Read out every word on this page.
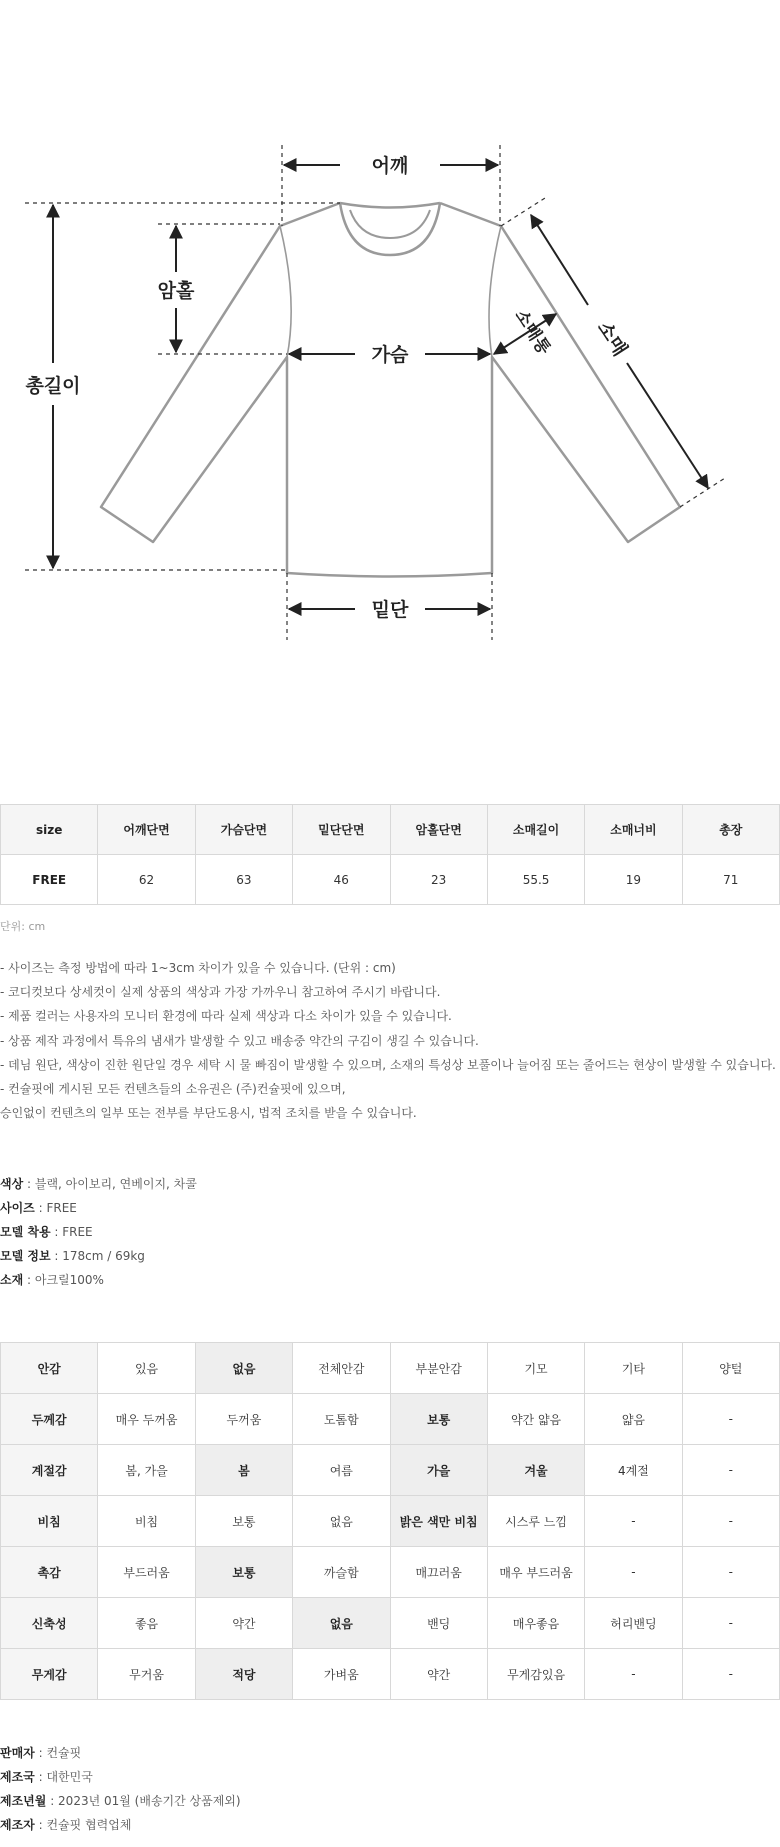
어깨
암홀
가슴
총길이
밑단
소매통 소매
size	어깨단면	가슴단면	밑단단면	암홀단면	소매길이	소매너비	총장
FREE	62	63	46	23	55.5	19	71
단위: cm
- 사이즈는 측정 방법에 따라 1~3cm 차이가 있을 수 있습니다. (단위 : cm)
- 코디컷보다 상세컷이 실제 상품의 색상과 가장 가까우니 참고하여 주시기 바랍니다.
- 제품 컬러는 사용자의 모니터 환경에 따라 실제 색상과 다소 차이가 있을 수 있습니다.
- 상품 제작 과정에서 특유의 냄새가 발생할 수 있고 배송중 약간의 구김이 생길 수 있습니다.
- 데님 원단, 색상이 진한 원단일 경우 세탁 시 물 빠짐이 발생할 수 있으며, 소재의 특성상 보풀이나 늘어짐 또는 줄어드는 현상이 발생할 수 있습니다.
- 컨슐핏에 게시된 모든 컨텐츠들의 소유권은 (주)컨슐핏에 있으며,
승인없이 컨텐츠의 일부 또는 전부를 부단도용시, 법적 조치를 받을 수 있습니다.
색상 : 블랙, 아이보리, 연베이지, 차콜
사이즈 : FREE
모델 착용 : FREE
모델 정보 : 178cm / 69kg
소재 : 아크릴100%
안감	있음	없음	전체안감	부분안감	기모	기타	양털
두께감	매우 두꺼움	두꺼움	도톰함	보통	약간 얇음	얇음	-
계절감	봄, 가을	봄	여름	가을	겨울	4계절	-
비침	비침	보통	없음	밝은 색만 비침	시스루 느낌	-	-
촉감	부드러움	보통	까슬함	매끄러움	매우 부드러움	-	-
신축성	좋음	약간	없음	밴딩	매우좋음	허리밴딩	-
무게감	무거움	적당	가벼움	약간	무게감있음	-	-
판매자 : 컨슐핏
제조국 : 대한민국
제조년월 : 2023년 01월 (배송기간 상품제외)
제조자 : 컨슐핏 협력업체
